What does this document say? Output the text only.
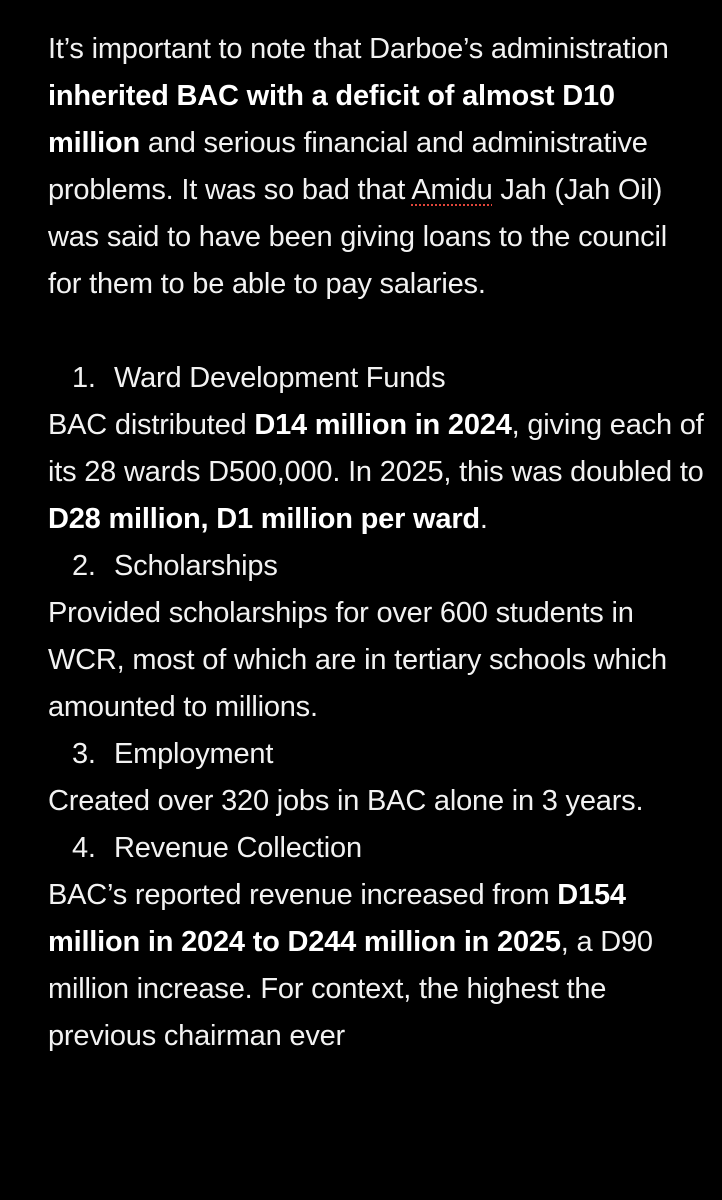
It’s important to note that Darboe’s administration inherited BAC with a deficit of almost D10 million and serious financial and administrative problems. It was so bad that Amidu Jah (Jah Oil) was said to have been giving loans to the council for them to be able to pay salaries.

1. Ward Development Funds

BAC distributed D14 million in 2024, giving each of its 28 wards D500,000. In 2025, this was doubled to D28 million, D1 million per ward.

2. Scholarships

Provided scholarships for over 600 students in WCR, most of which are in tertiary schools which amounted to millions.

3. Employment

Created over 320 jobs in BAC alone in 3 years.

4. Revenue Collection

BAC’s reported revenue increased from D154 million in 2024 to D244 million in 2025, a D90 million increase. For context, the highest the previous chairman ever
